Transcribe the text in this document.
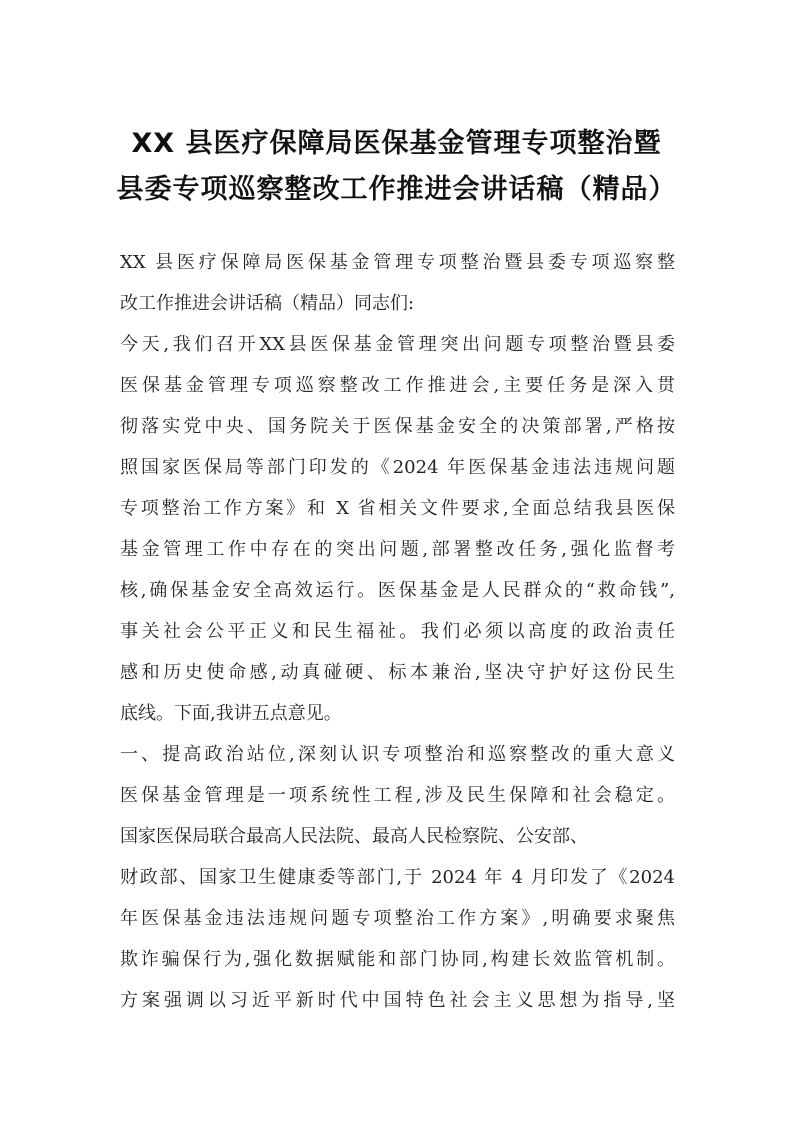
XX 县医疗保障局医保基金管理专项整治暨
县委专项巡察整改工作推进会讲话稿（精品）
XX 县医疗保障局医保基金管理专项整治暨县委专项巡察整
改工作推进会讲话稿（精品）同志们:
今天,我们召开XX县医保基金管理突出问题专项整治暨县委
医保基金管理专项巡察整改工作推进会,主要任务是深入贯
彻落实党中央、国务院关于医保基金安全的决策部署,严格按
照国家医保局等部门印发的《2024 年医保基金违法违规问题
专项整治工作方案》和 X 省相关文件要求,全面总结我县医保
基金管理工作中存在的突出问题,部署整改任务,强化监督考
核,确保基金安全高效运行。医保基金是人民群众的“救命钱”,
事关社会公平正义和民生福祉。我们必须以高度的政治责任
感和历史使命感,动真碰硬、标本兼治,坚决守护好这份民生
底线。下面,我讲五点意见。
一、提高政治站位,深刻认识专项整治和巡察整改的重大意义
医保基金管理是一项系统性工程,涉及民生保障和社会稳定。
国家医保局联合最高人民法院、最高人民检察院、公安部、
财政部、国家卫生健康委等部门,于 2024 年 4 月印发了《2024
年医保基金违法违规问题专项整治工作方案》,明确要求聚焦
欺诈骗保行为,强化数据赋能和部门协同,构建长效监管机制。
方案强调以习近平新时代中国特色社会主义思想为指导,坚
